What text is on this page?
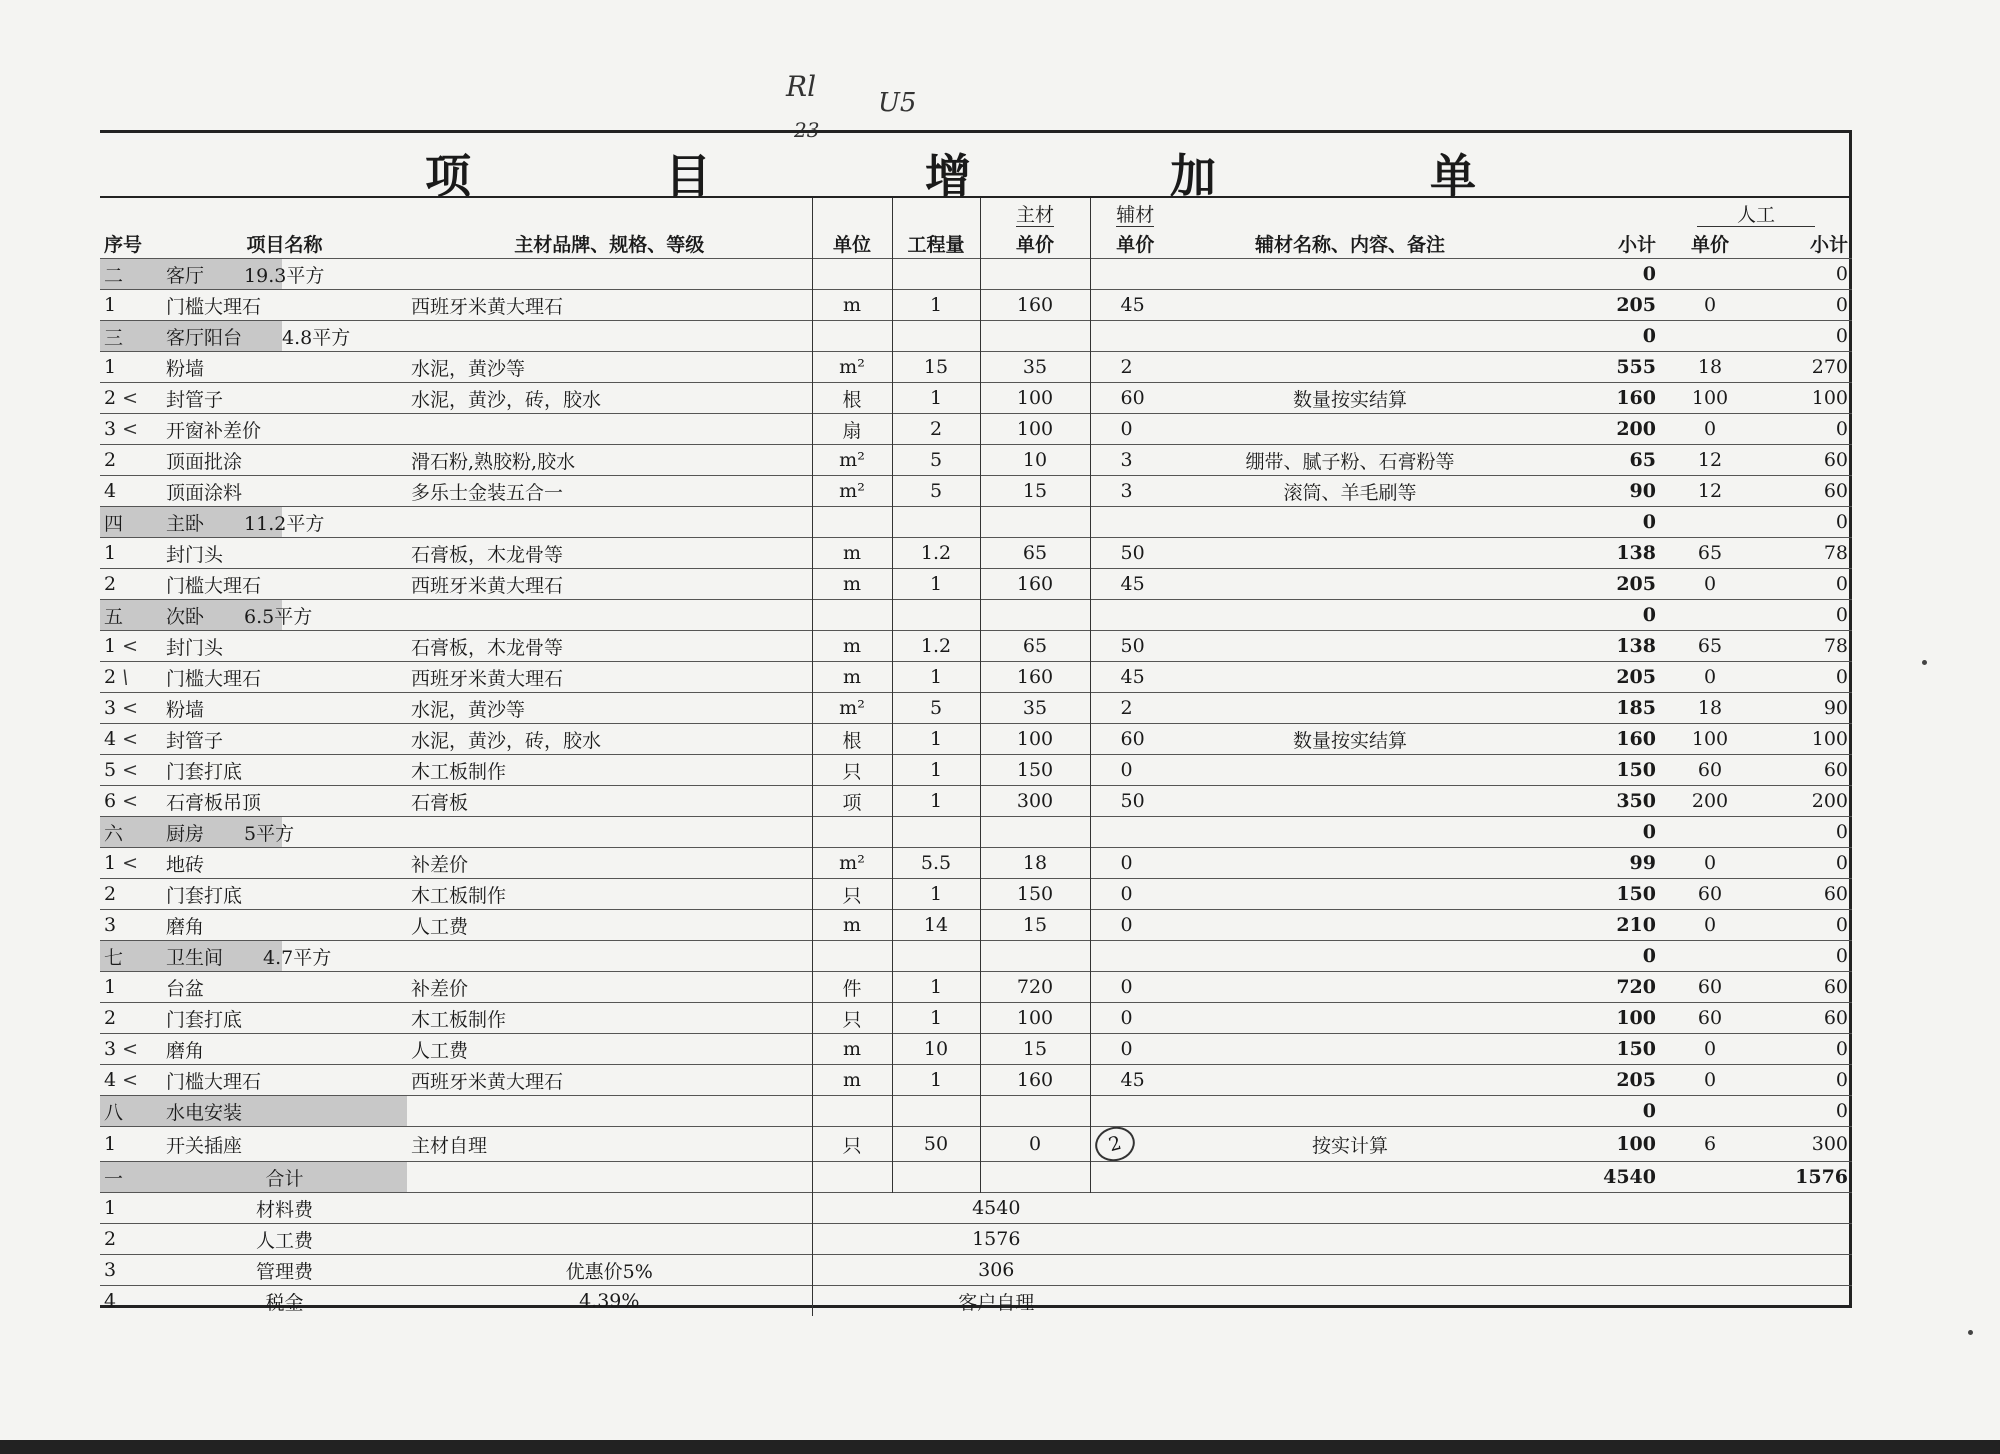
Rl U5
23
项	目	增	加	单
					主材	辅材			人工	
序号	项目名称	主材品牌、规格、等级	单位	工程量	单价	单价	辅材名称、内容、备注	小计	单价	小计
二	客厅 19.3平方							0		0
1	门槛大理石	西班牙米黄大理石	m	1	160	45		205	0	0
三	客厅阳台 4.8平方							0		0
1	粉墙	水泥，黄沙等	m²	15	35	2		555	18	270
2 <	封管子	水泥，黄沙，砖，胶水	根	1	100	60	数量按实结算	160	100	100
3 <	开窗补差价		扇	2	100	0		200	0	0
2	顶面批涂	滑石粉,熟胶粉,胶水	m²	5	10	3	绷带、腻子粉、石膏粉等	65	12	60
4	顶面涂料	多乐士金装五合一	m²	5	15	3	滚筒、羊毛刷等	90	12	60
四	主卧 11.2平方							0		0
1	封门头	石膏板，木龙骨等	m	1.2	65	50		138	65	78
2	门槛大理石	西班牙米黄大理石	m	1	160	45		205	0	0
五	次卧 6.5平方							0		0
1 <	封门头	石膏板，木龙骨等	m	1.2	65	50		138	65	78
2 \	门槛大理石	西班牙米黄大理石	m	1	160	45		205	0	0
3 <	粉墙	水泥，黄沙等	m²	5	35	2		185	18	90
4 <	封管子	水泥，黄沙，砖，胶水	根	1	100	60	数量按实结算	160	100	100
5 <	门套打底	木工板制作	只	1	150	0		150	60	60
6 <	石膏板吊顶	石膏板	项	1	300	50		350	200	200
六	厨房 5平方							0		0
1 <	地砖	补差价	m²	5.5	18	0		99	0	0
2	门套打底	木工板制作	只	1	150	0		150	60	60
3	磨角	人工费	m	14	15	0		210	0	0
七	卫生间 4.7平方							0		0
1	台盆	补差价	件	1	720	0		720	60	60
2	门套打底	木工板制作	只	1	100	0		100	60	60
3 <	磨角	人工费	m	10	15	0		150	0	0
4 <	门槛大理石	西班牙米黄大理石	m	1	160	45		205	0	0
八	水电安装							0		0
1	开关插座	主材自理	只	50	0	2	按实计算	100	6	300
一	合计							4540		1576
1	材料费		4540							
2	人工费		1576							
3	管理费	优惠价5%	306							
4	税金	4.39%	客户自理							
